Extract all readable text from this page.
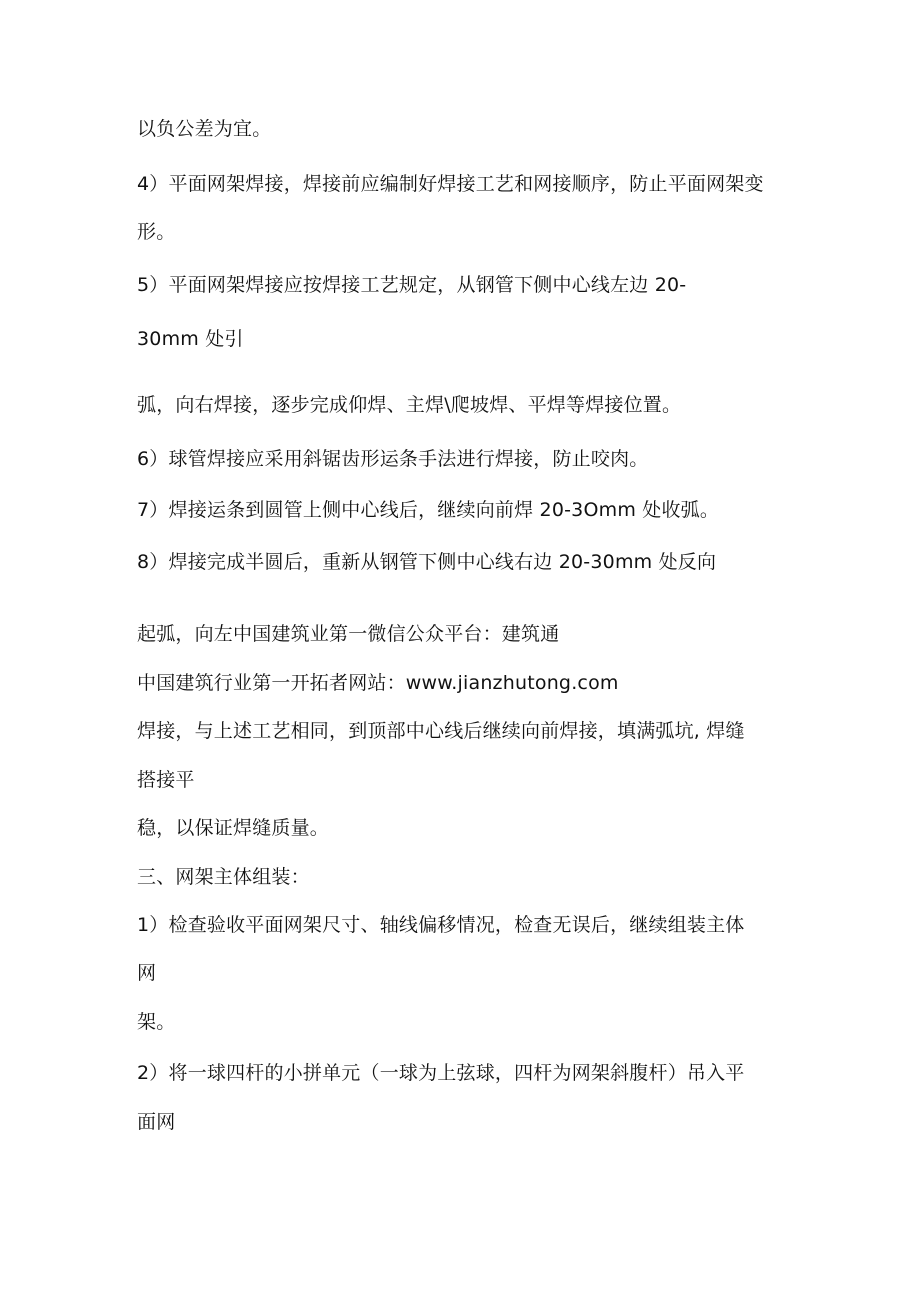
以负公差为宜。
4）平面网架焊接，焊接前应编制好焊接工艺和网接顺序，防止平面网架变
形。
5）平面网架焊接应按焊接工艺规定，从钢管下侧中心线左边 20-
30mm 处引
弧，向右焊接，逐步完成仰焊、主焊\爬坡焊、平焊等焊接位置。
6）球管焊接应采用斜锯齿形运条手法进行焊接，防止咬肉。
7）焊接运条到圆管上侧中心线后，继续向前焊 20-3Omm 处收弧。
8）焊接完成半圆后，重新从钢管下侧中心线右边 20-30mm 处反向
起弧，向左中国建筑业第一微信公众平台：建筑通
中国建筑行业第一开拓者网站：www.jianzhutong.com
焊接，与上述工艺相同，到顶部中心线后继续向前焊接，填满弧坑, 焊缝
搭接平
稳，以保证焊缝质量。
三、网架主体组装：
1）检查验收平面网架尺寸、轴线偏移情况，检查无误后，继续组装主体
网
架。
2）将一球四杆的小拼单元（一球为上弦球，四杆为网架斜腹杆）吊入平
面网
